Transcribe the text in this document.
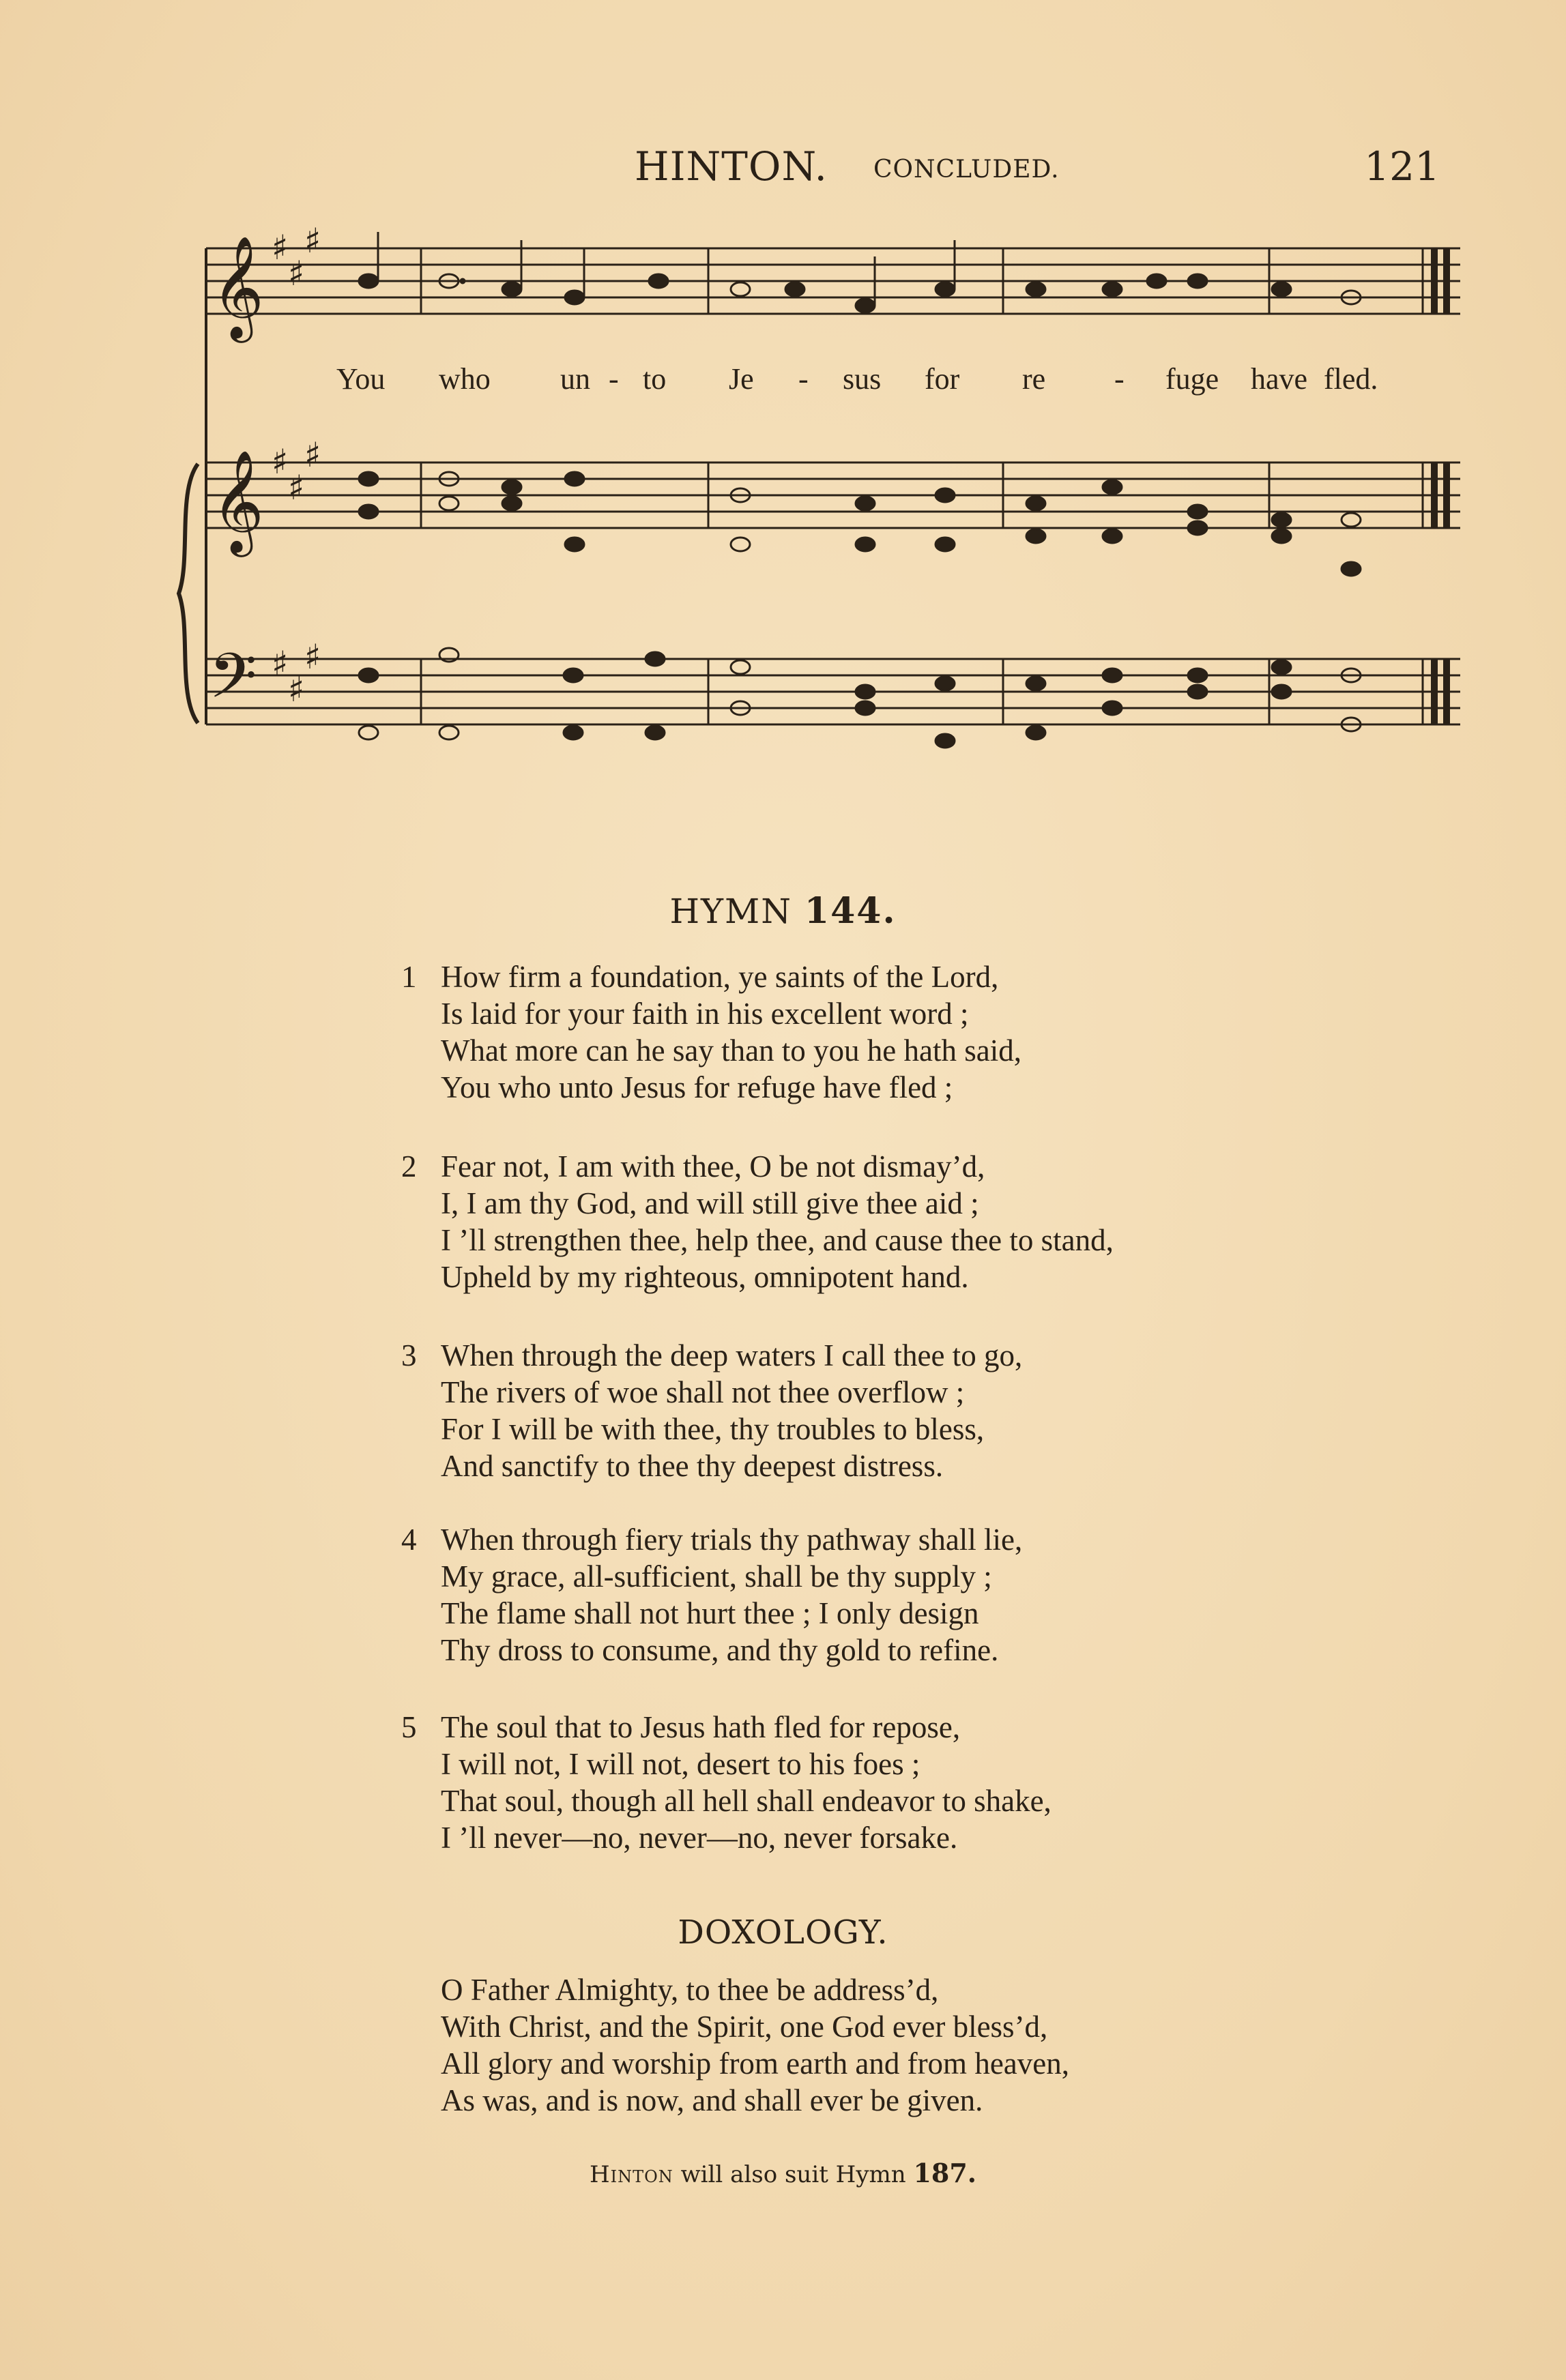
HINTON. CONCLUDED.	121
𝄞
𝄞
𝄢
♯
♯
♯
♯
♯
♯
♯
♯
♯
You who un - to Je - sus for re - fuge have fled.
HYMN 144.
1 How firm a foundation, ye saints of the Lord,
Is laid for your faith in his excellent word ;
What more can he say than to you he hath said,
You who unto Jesus for refuge have fled ;
2 Fear not, I am with thee, O be not dismay’d,
I, I am thy God, and will still give thee aid ;
I ’ll strengthen thee, help thee, and cause thee to stand,
Upheld by my righteous, omnipotent hand.
3 When through the deep waters I call thee to go,
The rivers of woe shall not thee overflow ;
For I will be with thee, thy troubles to bless,
And sanctify to thee thy deepest distress.
4 When through fiery trials thy pathway shall lie,
My grace, all-sufficient, shall be thy supply ;
The flame shall not hurt thee ; I only design
Thy dross to consume, and thy gold to refine.
5 The soul that to Jesus hath fled for repose,
I will not, I will not, desert to his foes ;
That soul, though all hell shall endeavor to shake,
I ’ll never—no, never—no, never forsake.
DOXOLOGY.
O Father Almighty, to thee be address’d,
With Christ, and the Spirit, one God ever bless’d,
All glory and worship from earth and from heaven,
As was, and is now, and shall ever be given.
Hinton will also suit Hymn 187.
